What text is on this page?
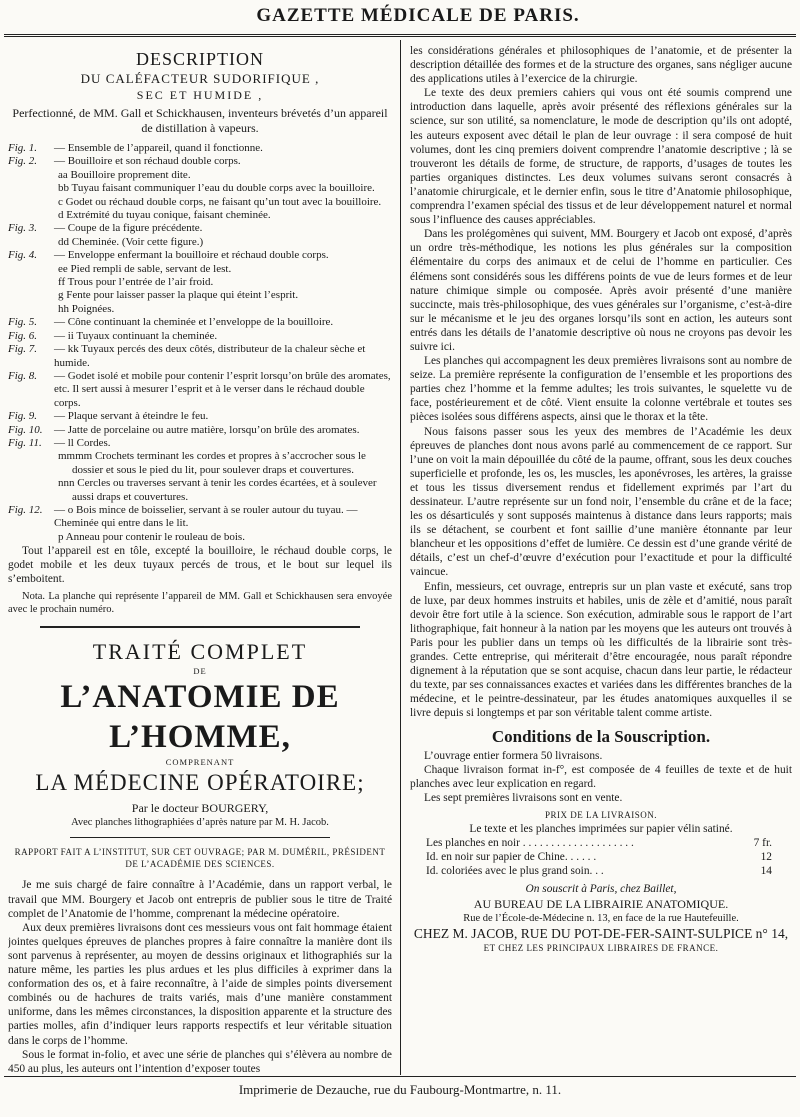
GAZETTE MÉDICALE DE PARIS.

DESCRIPTION

DU CALÉFACTEUR SUDORIFIQUE ,

SEC ET HUMIDE ,

Perfectionné, de MM. Gall et Schickhausen, inventeurs brévetés d’un appareil de distillation à vapeurs.

Fig. 1.	— Ensemble de l’appareil, quand il fonctionne.
Fig. 2.	— Bouilloire et son réchaud double corps.
aa Bouilloire proprement dite.
bb Tuyau faisant communiquer l’eau du double corps avec la bouilloire.
c Godet ou réchaud double corps, ne faisant qu’un tout avec la bouilloire.
d Extrémité du tuyau conique, faisant cheminée.
Fig. 3.	— Coupe de la figure précédente.
dd Cheminée. (Voir cette figure.)
Fig. 4.	— Enveloppe enfermant la bouilloire et réchaud double corps.
ee Pied rempli de sable, servant de lest.
ff Trous pour l’entrée de l’air froid.
g Fente pour laisser passer la plaque qui éteint l’esprit.
hh Poignées.
Fig. 5.	— Cône continuant la cheminée et l’enveloppe de la bouilloire.
Fig. 6.	— ii Tuyaux continuant la cheminée.
Fig. 7.	— kk Tuyaux percés des deux côtés, distributeur de la chaleur sèche et humide.
Fig. 8.	— Godet isolé et mobile pour contenir l’esprit lorsqu’on brûle des aromates, etc. Il sert aussi à mesurer l’esprit et à le verser dans le réchaud double corps.
Fig. 9.	— Plaque servant à éteindre le feu.
Fig. 10.	— Jatte de porcelaine ou autre matière, lorsqu’on brûle des aromates.
Fig. 11.	— ll Cordes.
mmmm Crochets terminant les cordes et propres à s’accrocher sous le dossier et sous le pied du lit, pour soulever draps et couvertures.
nnn Cercles ou traverses servant à tenir les cordes écartées, et à soulever aussi draps et couvertures.
Fig. 12.	— o Bois mince de boisselier, servant à se rouler autour du tuyau. — Cheminée qui entre dans le lit.
p Anneau pour contenir le rouleau de bois.

Tout l’appareil est en tôle, excepté la bouilloire, le réchaud double corps, le godet mobile et les deux tuyaux percés de trous, et le bout sur lequel ils s’emboitent.

Nota. La planche qui représente l’appareil de MM. Gall et Schickhausen sera envoyée avec le prochain numéro.

TRAITÉ COMPLET

DE

L’ANATOMIE DE L’HOMME,

COMPRENANT

LA MÉDECINE OPÉRATOIRE;

Par le docteur BOURGERY,

Avec planches lithographiées d’après nature par M. H. Jacob.

RAPPORT FAIT A L’INSTITUT, SUR CET OUVRAGE; PAR M. DUMÉRIL, PRÉSIDENT DE L’ACADÉMIE DES SCIENCES.

Je me suis chargé de faire connaître à l’Académie, dans un rapport verbal, le travail que MM. Bourgery et Jacob ont entrepris de publier sous le titre de Traité complet de l’Anatomie de l’homme, comprenant la médecine opératoire.

Aux deux premières livraisons dont ces messieurs vous ont fait hommage étaient jointes quelques épreuves de planches propres à faire connaître la manière dont ils sont parvenus à représenter, au moyen de dessins originaux et lithographiés sur la nature même, les parties les plus ardues et les plus difficiles à exprimer dans la conformation des os, et à faire reconnaître, à l’aide de simples points diversement combinés ou de hachures de traits variés, mais d’une manière constamment uniforme, dans les mêmes circonstances, la disposition apparente et la structure des parties molles, afin d’indiquer leurs rapports respectifs et leur véritable situation dans le corps de l’homme.

Sous le format in-folio, et avec une série de planches qui s’élèvera au nombre de 450 au plus, les auteurs ont l’intention d’exposer toutes

les considérations générales et philosophiques de l’anatomie, et de présenter la description détaillée des formes et de la structure des organes, sans négliger aucune des applications utiles à l’exercice de la chirurgie.

Le texte des deux premiers cahiers qui vous ont été soumis comprend une introduction dans laquelle, après avoir présenté des réflexions générales sur la science, sur son utilité, sa nomenclature, le mode de description qu’ils ont adopté, les auteurs exposent avec détail le plan de leur ouvrage : il sera composé de huit volumes, dont les cinq premiers doivent comprendre l’anatomie descriptive ; là se trouveront les détails de forme, de structure, de rapports, d’usages de toutes les parties organiques distinctes. Les deux volumes suivans seront consacrés à l’anatomie chirurgicale, et le dernier enfin, sous le titre d’Anatomie philosophique, comprendra l’examen spécial des tissus et de leur développement naturel et normal sous l’influence des causes appréciables.

Dans les prolégomènes qui suivent, MM. Bourgery et Jacob ont exposé, d’après un ordre très-méthodique, les notions les plus générales sur la composition élémentaire du corps des animaux et de celui de l’homme en particulier. Ces élémens sont considérés sous les différens points de vue de leurs formes et de leur nature chimique simple ou composée. Après avoir présenté d’une manière succincte, mais très-philosophique, des vues générales sur l’organisme, c’est-à-dire sur le mécanisme et le jeu des organes lorsqu’ils sont en action, les auteurs sont entrés dans les détails de l’anatomie descriptive où nous ne croyons pas devoir les suivre ici.

Les planches qui accompagnent les deux premières livraisons sont au nombre de seize. La première représente la configuration de l’ensemble et les proportions des parties chez l’homme et la femme adultes; les trois suivantes, le squelette vu de face, postérieurement et de côté. Vient ensuite la colonne vertébrale et toutes ses pièces isolées sous différens aspects, ainsi que le thorax et la tête.

Nous faisons passer sous les yeux des membres de l’Académie les deux épreuves de planches dont nous avons parlé au commencement de ce rapport. Sur l’une on voit la main dépouillée du côté de la paume, offrant, sous les deux couches superficielle et profonde, les os, les muscles, les aponévroses, les artères, la graisse et tous les tissus diversement rendus et fidellement exprimés par l’art du dessinateur. L’autre représente sur un fond noir, l’ensemble du crâne et de la face; les os désarticulés y sont supposés maintenus à distance dans leurs rapports; mais ils se détachent, se courbent et font saillie d’une manière étonnante par leur blancheur et les oppositions d’effet de lumière. Ce dessin est d’une grande vérité de détails, c’est un chef-d’œuvre d’exécution pour l’exactitude et pour la difficulté vaincue.

Enfin, messieurs, cet ouvrage, entrepris sur un plan vaste et exécuté, sans trop de luxe, par deux hommes instruits et habiles, unis de zèle et d’amitié, nous paraît devoir être fort utile à la science. Son exécution, admirable sous le rapport de l’art lithographique, fait honneur à la nation par les moyens que les auteurs ont trouvés à Paris pour les publier dans un temps où les difficultés de la librairie sont très-grandes. Cette entreprise, qui mériterait d’être encouragée, nous paraît répondre dignement à la réputation que se sont acquise, chacun dans leur partie, le rédacteur du texte, par ses connaissances exactes et variées dans les différentes branches de la médecine, et le peintre-dessinateur, par les études anatomiques auxquelles il se livre depuis si longtemps et par son véritable talent comme artiste.

Conditions de la Souscription.

L’ouvrage entier formera 50 livraisons.

Chaque livraison format in-f°, est composée de 4 feuilles de texte et de huit planches avec leur explication en regard.

Les sept premières livraisons sont en vente.

PRIX DE LA LIVRAISON.

Le texte et les planches imprimées sur papier vélin satiné.

Les planches en noir . . . . . . . . . . . . . . . . . . . .	7 fr.
Id. en noir sur papier de Chine. . . . . .	12
Id. coloriées avec le plus grand soin. . .	14

On souscrit à Paris, chez Baillet,

AU BUREAU DE LA LIBRAIRIE ANATOMIQUE.

Rue de l’École-de-Médecine n. 13, en face de la rue Hautefeuille.

CHEZ M. JACOB, RUE DU POT-DE-FER-SAINT-SULPICE n° 14,

ET CHEZ LES PRINCIPAUX LIBRAIRES DE FRANCE.

Imprimerie de Dezauche, rue du Faubourg-Montmartre, n. 11.
